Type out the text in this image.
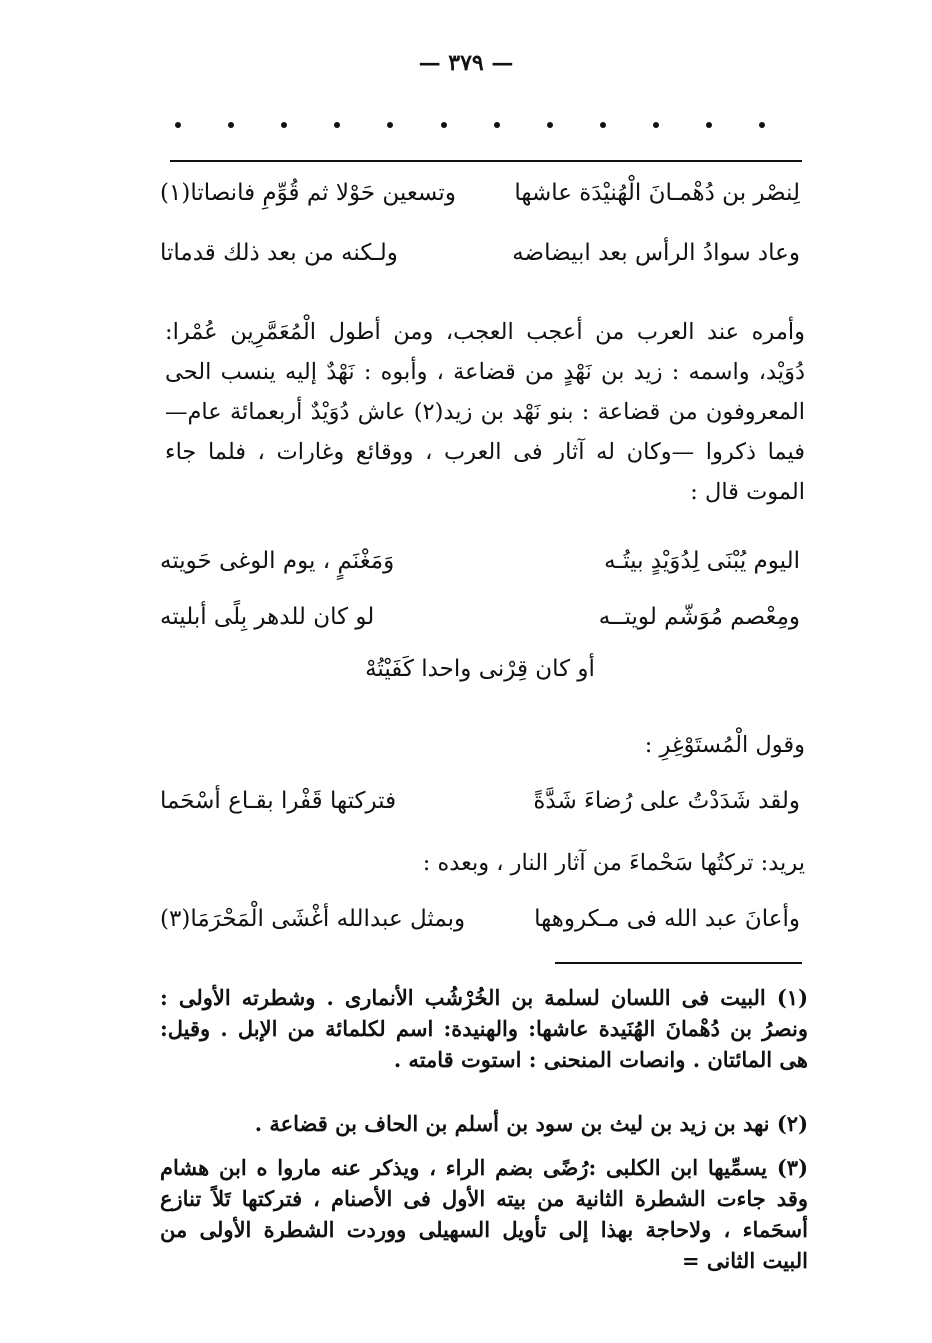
— ٣٧٩ —
لِنصْر بن دُهْمـانَ الْهُنيْدَة عاشها
وتسعين حَوْلا ثم قُوِّمِ فانصاتا(١)
وعاد سوادُ الرأس بعد ابيضاضه
ولـكنه من بعد ذلك قدماتا
وأمره عند العرب من أعجب العجب، ومن أطول الْمُعَمَّرِين عُمْرا: دُوَيْد، واسمه : زيد بن نَهْدٍ من قضاعة ، وأبوه : نَهْدٌ إليه ينسب الحى المعروفون من قضاعة : بنو نَهْد بن زيد(٢) عاش دُوَيْدٌ أربعمائة عام—فيما ذكروا —وكان له آثار فى العرب ، ووقائع وغارات ، فلما جاء الموت قال :
اليوم يُبْنَى لِدُوَيْدٍ بيتُـه
وَمَغْنَمٍ ، يوم الوغى حَويته
ومِعْصم مُوَشّم لويتــه
لو كان للدهر بِلًى أبليته
أو كان قِرْنى واحدا كَفَيْتُهْ
وقول الْمُستَوْغِرِ :
ولقد شَدَدْتُ على رُضاءَ شَدَّةً
فتركتها قَفْرا بقـاع أسْحَما
يريد: تركتُها سَحْماءَ من آثار النار ، وبعده :
وأعانَ عبد الله فى مـكروهها
وبمثل عبدالله أغْشَى الْمَحْرَمَا(٣)
(١) البيت فى اللسان لسلمة بن الخُرْشُب الأنمارى . وشطرته الأولى : ونصرُ بن دُهْمانَ الهُنَيدة عاشها: والهنيدة: اسم لكلمائة من الإبل . وقيل: هى المائتان . وانصات المنحنى : استوت قامته .
(٢) نهد بن زيد بن ليث بن سود بن أسلم بن الحاف بن قضاعة .
(٣) يسمِّيها ابن الكلبى :رُضًى بضم الراء ، ويذكر عنه ماروا ه ابن هشام وقد جاءت الشطرة الثانية من بيته الأول فى الأصنام ، فتركتها تَلاً تنازع أسحَماء ، ولاحاجة بهذا إلى تأويل السهيلى ووردت الشطرة الأولى من البيت الثانى =
